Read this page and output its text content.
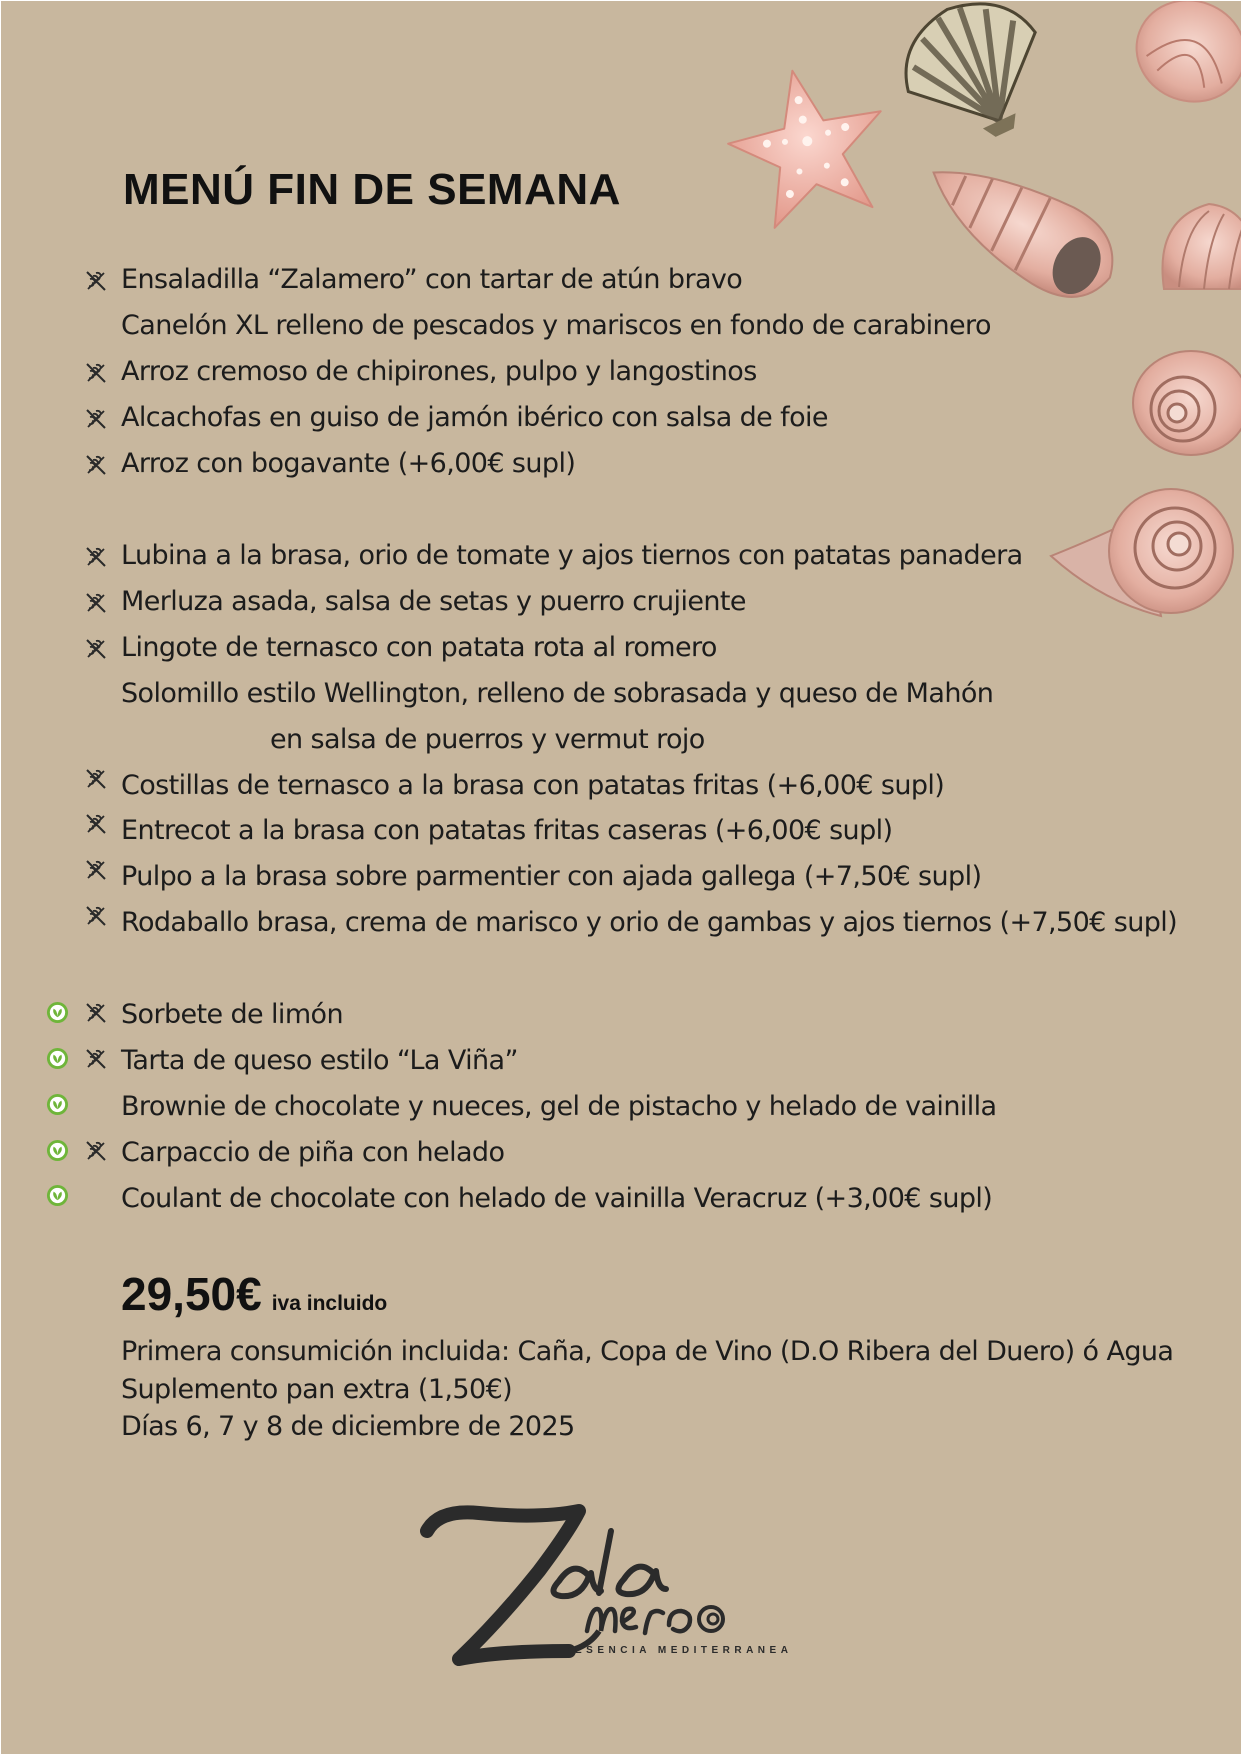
MENÚ FIN DE SEMANA
Ensaladilla “Zalamero” con tartar de atún bravo
Canelón XL relleno de pescados y mariscos en fondo de carabinero
Arroz cremoso de chipirones, pulpo y langostinos
Alcachofas en guiso de jamón ibérico con salsa de foie
Arroz con bogavante (+6,00€ supl)
Lubina a la brasa, orio de tomate y ajos tiernos con patatas panadera
Merluza asada, salsa de setas y puerro crujiente
Lingote de ternasco con patata rota al romero
Solomillo estilo Wellington, relleno de sobrasada y queso de Mahón
en salsa de puerros y vermut rojo
Costillas de ternasco a la brasa con patatas fritas (+6,00€ supl)
Entrecot a la brasa con patatas fritas caseras (+6,00€ supl)
Pulpo a la brasa sobre parmentier con ajada gallega (+7,50€ supl)
Rodaballo brasa, crema de marisco y orio de gambas y ajos tiernos (+7,50€ supl)
Sorbete de limón
Tarta de queso estilo “La Viña”
Brownie de chocolate y nueces, gel de pistacho y helado de vainilla
Carpaccio de piña con helado
Coulant de chocolate con helado de vainilla Veracruz (+3,00€ supl)
29,50€ iva incluido
Primera consumición incluida: Caña, Copa de Vino (D.O Ribera del Duero) ó Agua
Suplemento pan extra (1,50€)
Días 6, 7 y 8 de diciembre de 2025
ESENCIA MEDITERRANEA
